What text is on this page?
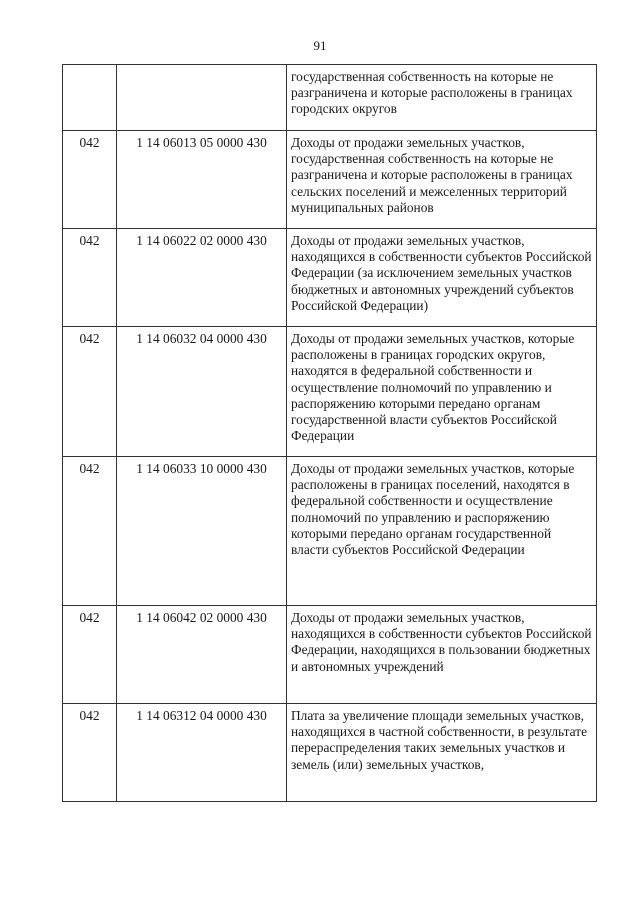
91
		государственная собственность на которые не разграничена и которые расположены в границах городских округов
042	1 14 06013 05 0000 430	Доходы от продажи земельных участков, государственная собственность на которые не разграничена и которые расположены в границах сельских поселений и межселенных территорий муниципальных районов
042	1 14 06022 02 0000 430	Доходы от продажи земельных участков, находящихся в собственности субъектов Российской Федерации (за исключением земельных участков бюджетных и автономных учреждений субъектов Российской Федерации)
042	1 14 06032 04 0000 430	Доходы от продажи земельных участков, которые расположены в границах городских округов, находятся в федеральной собственности и осуществление полномочий по управлению и распоряжению которыми передано органам государственной власти субъектов Российской Федерации
042	1 14 06033 10 0000 430	Доходы от продажи земельных участков, которые расположены в границах поселений, находятся в федеральной собственности и осуществление полномочий по управлению и распоряжению которыми передано органам государственной власти субъектов Российской Федерации
042	1 14 06042 02 0000 430	Доходы от продажи земельных участков, находящихся в собственности субъектов Российской Федерации, находящихся в пользовании бюджетных и автономных учреждений
042	1 14 06312 04 0000 430	Плата за увеличение площади земельных участков, находящихся в частной собственности, в результате перераспределения таких земельных участков и земель (или) земельных участков,
